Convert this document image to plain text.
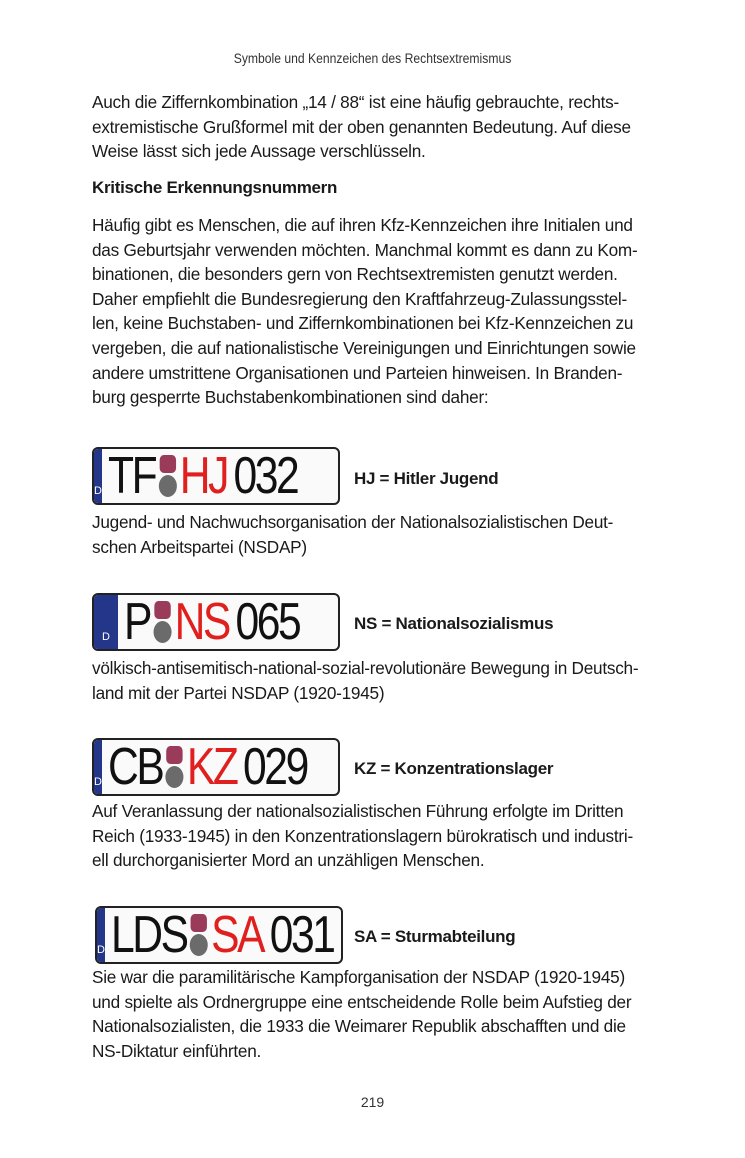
Symbole und Kennzeichen des Rechtsextremismus
Auch die Ziffernkombination „14 / 88“ ist eine häufig gebrauchte, rechts-
extremistische Grußformel mit der oben genannten Bedeutung. Auf diese
Weise lässt sich jede Aussage verschlüsseln.
Kritische Erkennungsnummern
Häufig gibt es Menschen, die auf ihren Kfz-Kennzeichen ihre Initialen und
das Geburtsjahr verwenden möchten. Manchmal kommt es dann zu Kom-
binationen, die besonders gern von Rechtsextremisten genutzt werden.
Daher empfiehlt die Bundesregierung den Kraftfahrzeug-Zulassungsstel-
len, keine Buchstaben- und Ziffernkombinationen bei Kfz-Kennzeichen zu
vergeben, die auf nationalistische Vereinigungen und Einrichtungen sowie
andere umstrittene Organisationen und Parteien hinweisen. In Branden-
burg gesperrte Buchstabenkombinationen sind daher:
D TF HJ 032	HJ = Hitler Jugend
Jugend- und Nachwuchsorganisation der Nationalsozialistischen Deut-
schen Arbeitspartei (NSDAP)
D P NS 065	NS = Nationalsozialismus
völkisch-antisemitisch-national-sozial-revolutionäre Bewegung in Deutsch-
land mit der Partei NSDAP (1920-1945)
D CB KZ 029	KZ = Konzentrationslager
Auf Veranlassung der nationalsozialistischen Führung erfolgte im Dritten
Reich (1933-1945) in den Konzentrationslagern bürokratisch und industri-
ell durchorganisierter Mord an unzähligen Menschen.
D LDS SA 031 SA = Sturmabteilung
Sie war die paramilitärische Kampforganisation der NSDAP (1920-1945)
und spielte als Ordnergruppe eine entscheidende Rolle beim Aufstieg der
Nationalsozialisten, die 1933 die Weimarer Republik abschafften und die
NS-Diktatur einführten.
219
